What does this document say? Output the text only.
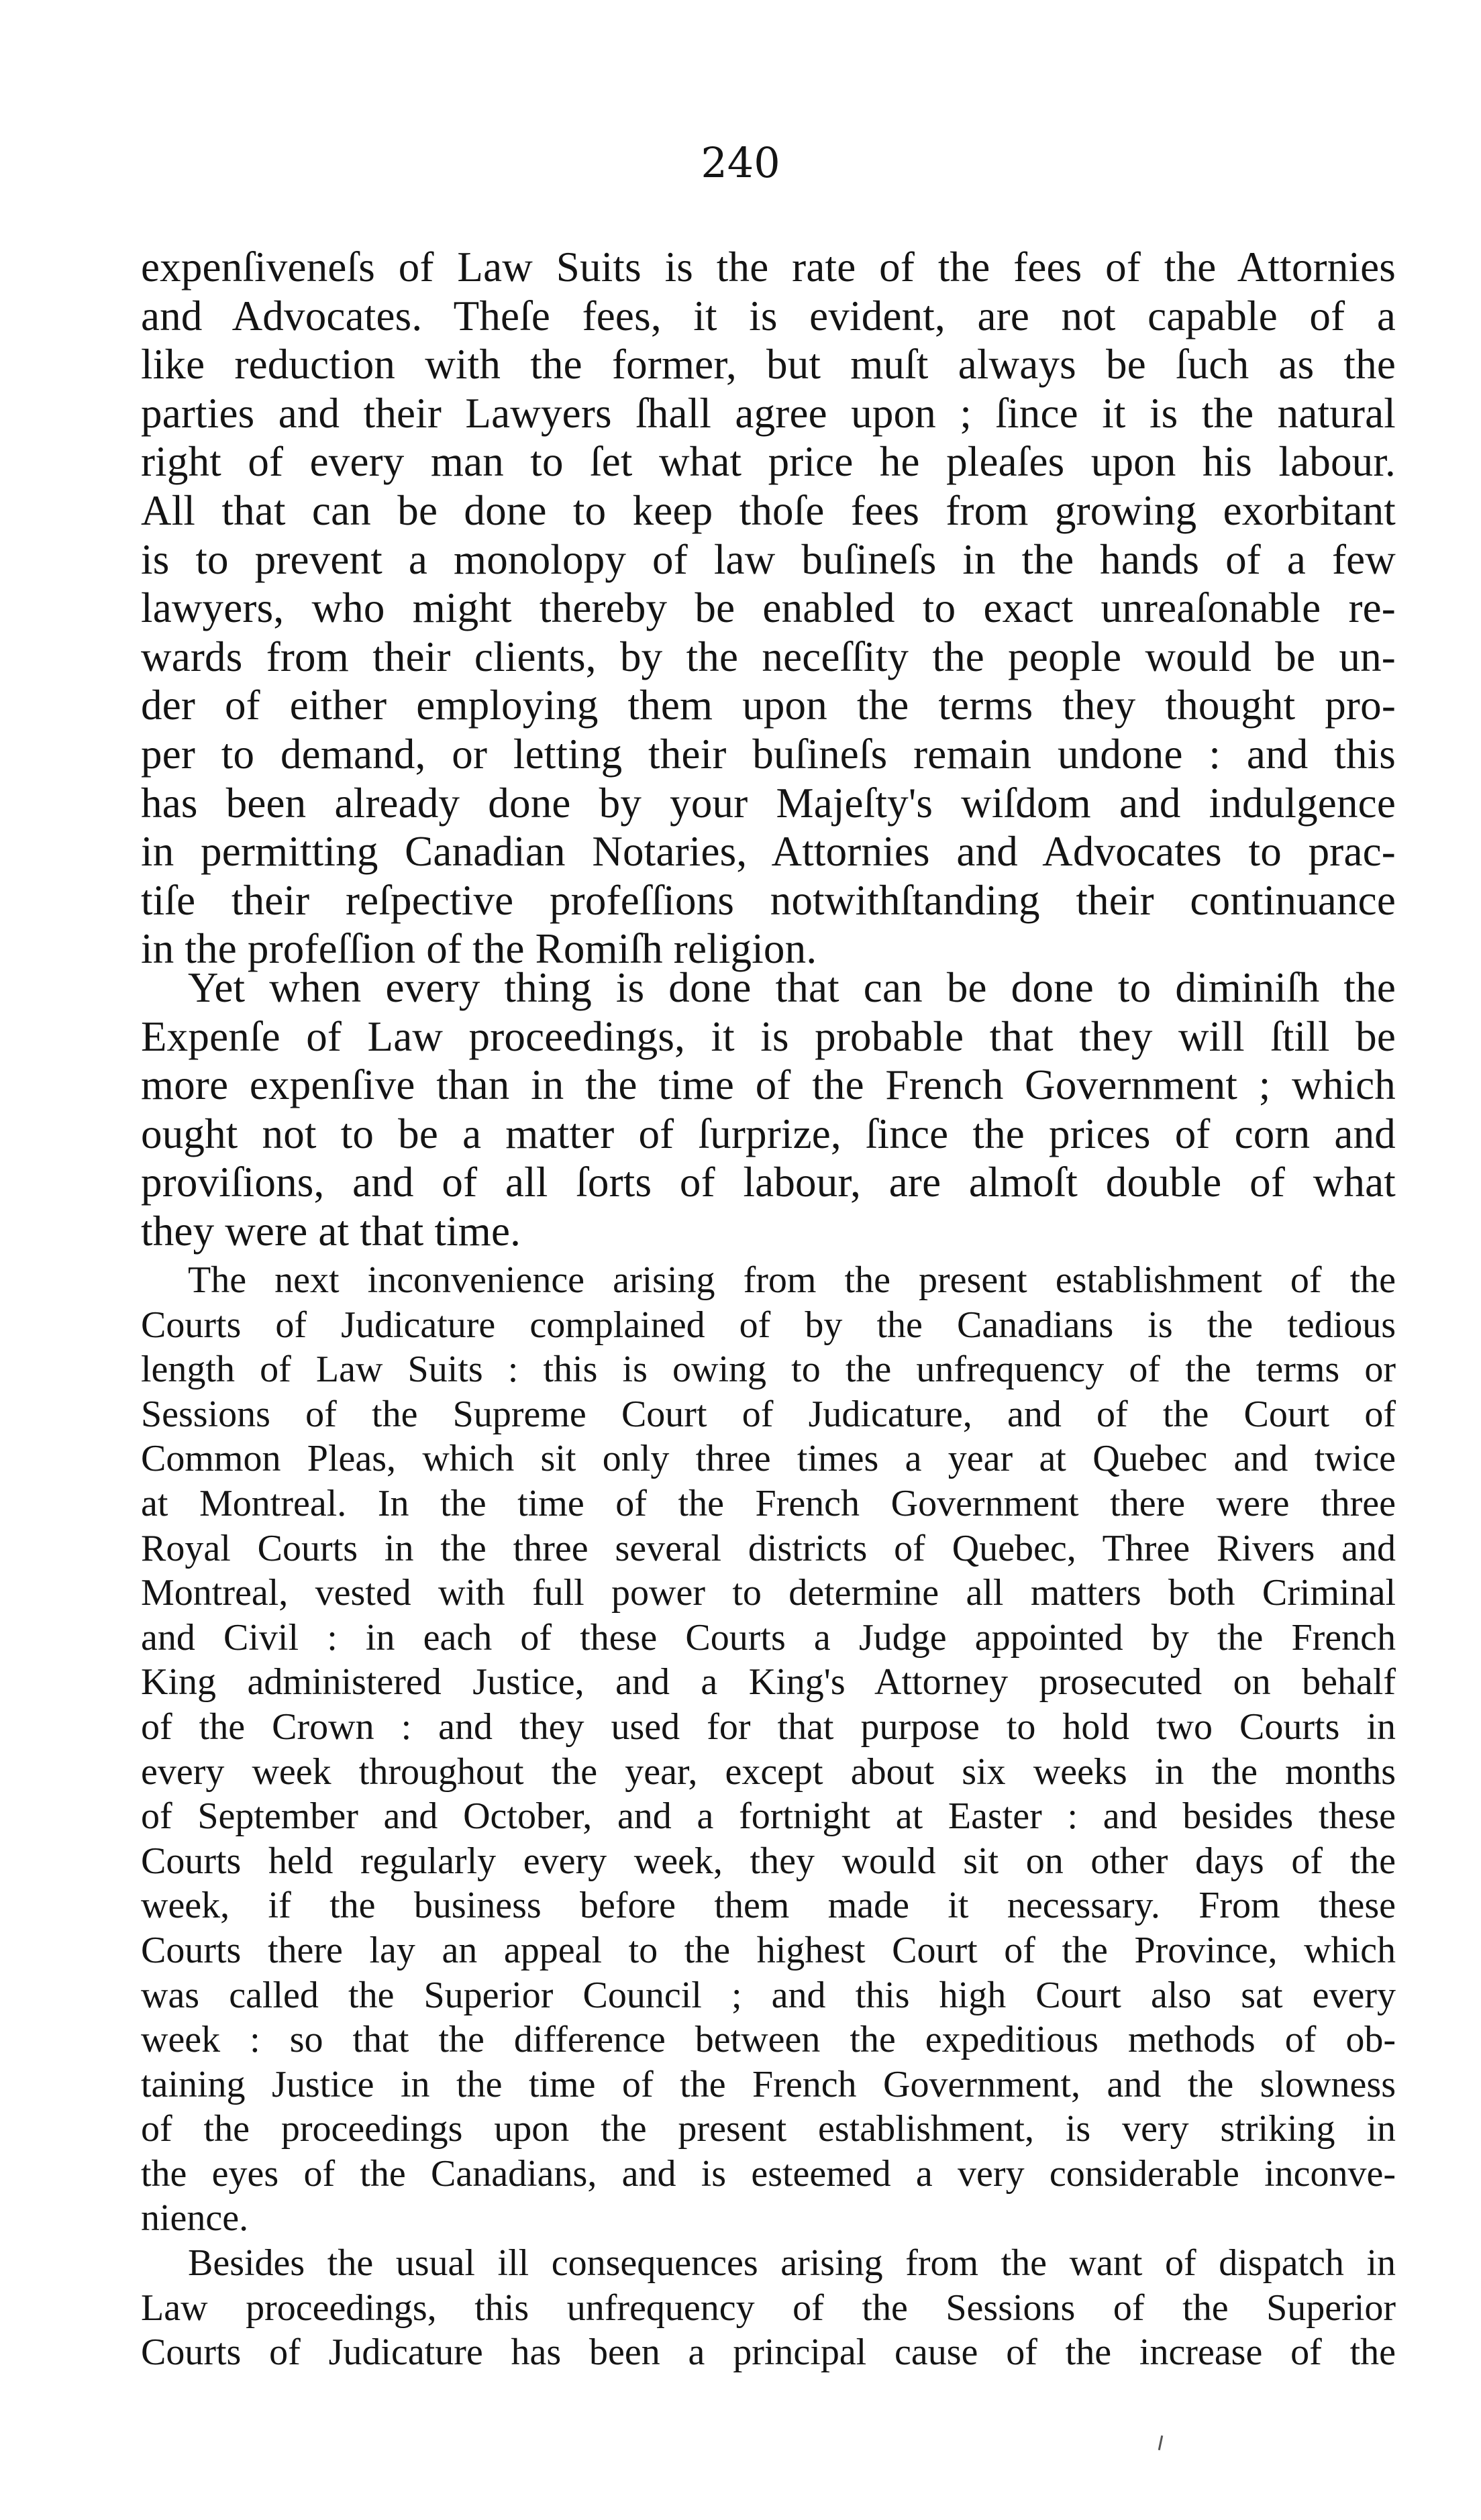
240
expenſiveneſs of Law Suits is the rate of the fees of the Attornies
and Advocates. Theſe fees, it is evident, are not capable of a
like reduction with the former, but muſt always be ſuch as the
parties and their Lawyers ſhall agree upon ; ſince it is the natural
right of every man to ſet what price he pleaſes upon his labour.
All that can be done to keep thoſe fees from growing exorbitant
is to prevent a monolopy of law buſineſs in the hands of a few
lawyers, who might thereby be enabled to exact unreaſonable re-
wards from their clients, by the neceſſity the people would be un-
der of either employing them upon the terms they thought pro-
per to demand, or letting their buſineſs remain undone : and this
has been already done by your Majeſty's wiſdom and indulgence
in permitting Canadian Notaries, Attornies and Advocates to prac-
tiſe their reſpective profeſſions notwithſtanding their continuance
in the profeſſion of the Romiſh religion.
Yet when every thing is done that can be done to diminiſh the
Expenſe of Law proceedings, it is probable that they will ſtill be
more expenſive than in the time of the French Government ; which
ought not to be a matter of ſurprize, ſince the prices of corn and
proviſions, and of all ſorts of labour, are almoſt double of what
they were at that time.
The next inconvenience arising from the present establishment of the
Courts of Judicature complained of by the Canadians is the tedious
length of Law Suits : this is owing to the unfrequency of the terms or
Sessions of the Supreme Court of Judicature, and of the Court of
Common Pleas, which sit only three times a year at Quebec and twice
at Montreal. In the time of the French Government there were three
Royal Courts in the three several districts of Quebec, Three Rivers and
Montreal, vested with full power to determine all matters both Criminal
and Civil : in each of these Courts a Judge appointed by the French
King administered Justice, and a King's Attorney prosecuted on behalf
of the Crown : and they used for that purpose to hold two Courts in
every week throughout the year, except about six weeks in the months
of September and October, and a fortnight at Easter : and besides these
Courts held regularly every week, they would sit on other days of the
week, if the business before them made it necessary. From these
Courts there lay an appeal to the highest Court of the Province, which
was called the Superior Council ; and this high Court also sat every
week : so that the difference between the expeditious methods of ob-
taining Justice in the time of the French Government, and the slowness
of the proceedings upon the present establishment, is very striking in
the eyes of the Canadians, and is esteemed a very considerable inconve-
nience.
Besides the usual ill consequences arising from the want of dispatch in
Law proceedings, this unfrequency of the Sessions of the Superior
Courts of Judicature has been a principal cause of the increase of the
